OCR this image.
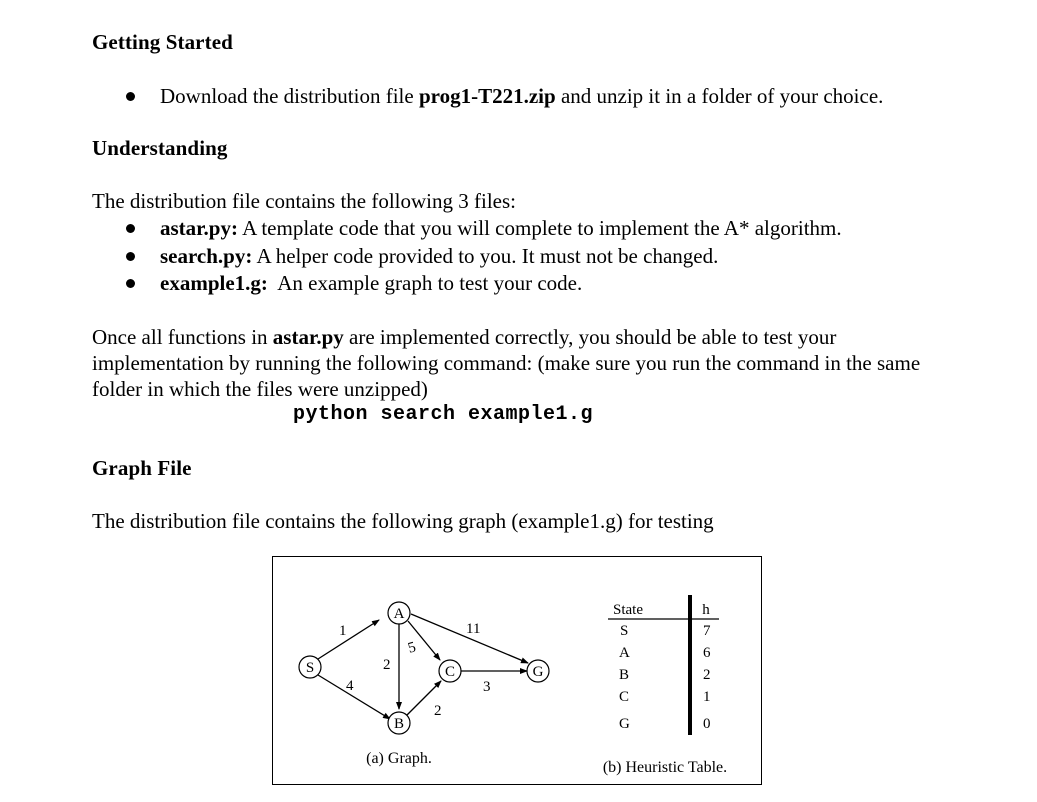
Getting Started
Download the distribution file prog1-T221.zip and unzip it in a folder of your choice.
Understanding
The distribution file contains the following 3 files:
astar.py: A template code that you will complete to implement the A* algorithm.
search.py: A helper code provided to you. It must not be changed.
example1.g:  An example graph to test your code.
Once all functions in astar.py are implemented correctly, you should be able to test your
implementation by running the following command: (make sure you run the command in the same
folder in which the files were unzipped)
python search example1.g
Graph File
The distribution file contains the following graph (example1.g) for testing
1
4
2
5
11
2
3
S
A
B
C	G
(a) Graph.
State	h
S	7
A	6
B	2
C	1
G	0
(b) Heuristic Table.
